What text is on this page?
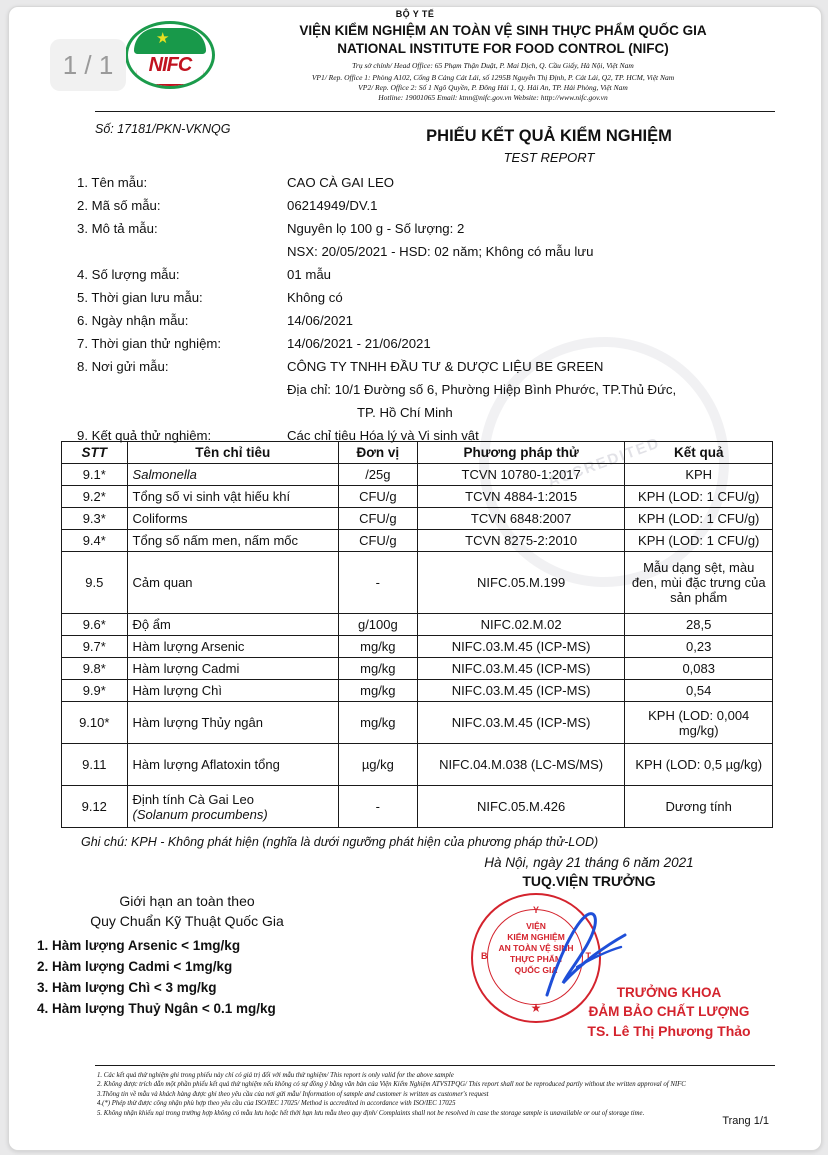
1 / 1
ACCREDITED
BỘ Y TẾ
★
NIFC
VIỆN KIỂM NGHIỆM AN TOÀN VỆ SINH THỰC PHẨM QUỐC GIA
NATIONAL INSTITUTE FOR FOOD CONTROL (NIFC)
Trụ sở chính/ Head Office: 65 Phạm Thận Duật, P. Mai Dịch, Q. Cầu Giấy, Hà Nội, Việt Nam
VP1/ Rep. Office 1: Phòng A102, Cổng B Cảng Cát Lái, số 1295B Nguyễn Thị Định, P. Cát Lái, Q2, TP. HCM, Việt Nam
VP2/ Rep. Office 2: Số 1 Ngô Quyền, P. Đông Hải 1, Q. Hải An, TP. Hải Phòng, Việt Nam
Hotline: 19001065 Email: ktnn@nifc.gov.vn Website: http://www.nifc.gov.vn
Số: 17181/PKN-VKNQG	PHIẾU KẾT QUẢ KIỂM NGHIỆM
TEST REPORT
1. Tên mẫu:	CAO CÀ GAI LEO
2. Mã số mẫu:	06214949/DV.1
3. Mô tả mẫu:	Nguyên lọ 100 g - Số lượng: 2
NSX: 20/05/2021 - HSD: 02 năm; Không có mẫu lưu
4. Số lượng mẫu:	01 mẫu
5. Thời gian lưu mẫu:	Không có
6. Ngày nhận mẫu:	14/06/2021
7. Thời gian thử nghiệm:	14/06/2021 - 21/06/2021
8. Nơi gửi mẫu:	CÔNG TY TNHH ĐẦU TƯ & DƯỢC LIỆU BE GREEN
Địa chỉ: 10/1 Đường số 6, Phường Hiệp Bình Phước, TP.Thủ Đức,
TP. Hồ Chí Minh
9. Kết quả thử nghiệm:	Các chỉ tiêu Hóa lý và Vi sinh vật
STT	Tên chỉ tiêu	Đơn vị	Phương pháp thử	Kết quả
9.1*	Salmonella	/25g	TCVN 10780-1:2017	KPH
9.2*	Tổng số vi sinh vật hiếu khí	CFU/g	TCVN 4884-1:2015	KPH (LOD: 1 CFU/g)
9.3*	Coliforms	CFU/g	TCVN 6848:2007	KPH (LOD: 1 CFU/g)
9.4*	Tổng số nấm men, nấm mốc	CFU/g	TCVN 8275-2:2010	KPH (LOD: 1 CFU/g)
9.5	Cảm quan	-	NIFC.05.M.199	Mẫu dạng sệt, màu đen, mùi đặc trưng của sản phẩm
9.6*	Độ ẩm	g/100g	NIFC.02.M.02	28,5
9.7*	Hàm lượng Arsenic	mg/kg	NIFC.03.M.45 (ICP-MS)	0,23
9.8*	Hàm lượng Cadmi	mg/kg	NIFC.03.M.45 (ICP-MS)	0,083
9.9*	Hàm lượng Chì	mg/kg	NIFC.03.M.45 (ICP-MS)	0,54
9.10*	Hàm lượng Thủy ngân	mg/kg	NIFC.03.M.45 (ICP-MS)	KPH (LOD: 0,004 mg/kg)
9.11	Hàm lượng Aflatoxin tổng	µg/kg	NIFC.04.M.038 (LC-MS/MS)	KPH (LOD: 0,5 µg/kg)
9.12	Định tính Cà Gai Leo
(Solanum procumbens)	-	NIFC.05.M.426	Dương tính
Ghi chú: KPH - Không phát hiện (nghĩa là dưới ngưỡng phát hiện của phương pháp thử-LOD)
Hà Nội, ngày 21 tháng 6 năm 2021
TUQ.VIỆN TRƯỞNG
Y
B	T
VIỆN
KIỂM NGHIỆM
AN TOÀN VỆ SINH
THỰC PHẨM
QUỐC GIA
★
TRƯỞNG KHOA
ĐẢM BẢO CHẤT LƯỢNG
TS. Lê Thị Phương Thảo
Giới hạn an toàn theo
Quy Chuẩn Kỹ Thuật Quốc Gia
1. Hàm lượng Arsenic < 1mg/kg
2. Hàm lượng Cadmi < 1mg/kg
3. Hàm lượng Chì < 3 mg/kg
4. Hàm lượng Thuỷ Ngân < 0.1 mg/kg
1. Các kết quả thử nghiệm ghi trong phiếu này chỉ có giá trị đối với mẫu thử nghiệm/ This report is only valid for the above sample
2. Không được trích dẫn một phần phiếu kết quả thử nghiệm nếu không có sự đồng ý bằng văn bản của Viện Kiểm Nghiệm ATVSTPQG/ This report shall not be reproduced partly without the written approval of NIFC
3.Thông tin về mẫu và khách hàng được ghi theo yêu cầu của nơi gửi mẫu/ Information of sample and customer is written as customer's request
4.(*) Phép thử được công nhận phù hợp theo yêu cầu của ISO/IEC 17025/ Method is accredited in accordance with ISO/IEC 17025
5. Không nhận khiếu nại trong trường hợp không có mẫu lưu hoặc hết thời hạn lưu mẫu theo quy định/ Complaints shall not be resolved in case the storage sample is unavailable or out of storage time.
Trang 1/1
